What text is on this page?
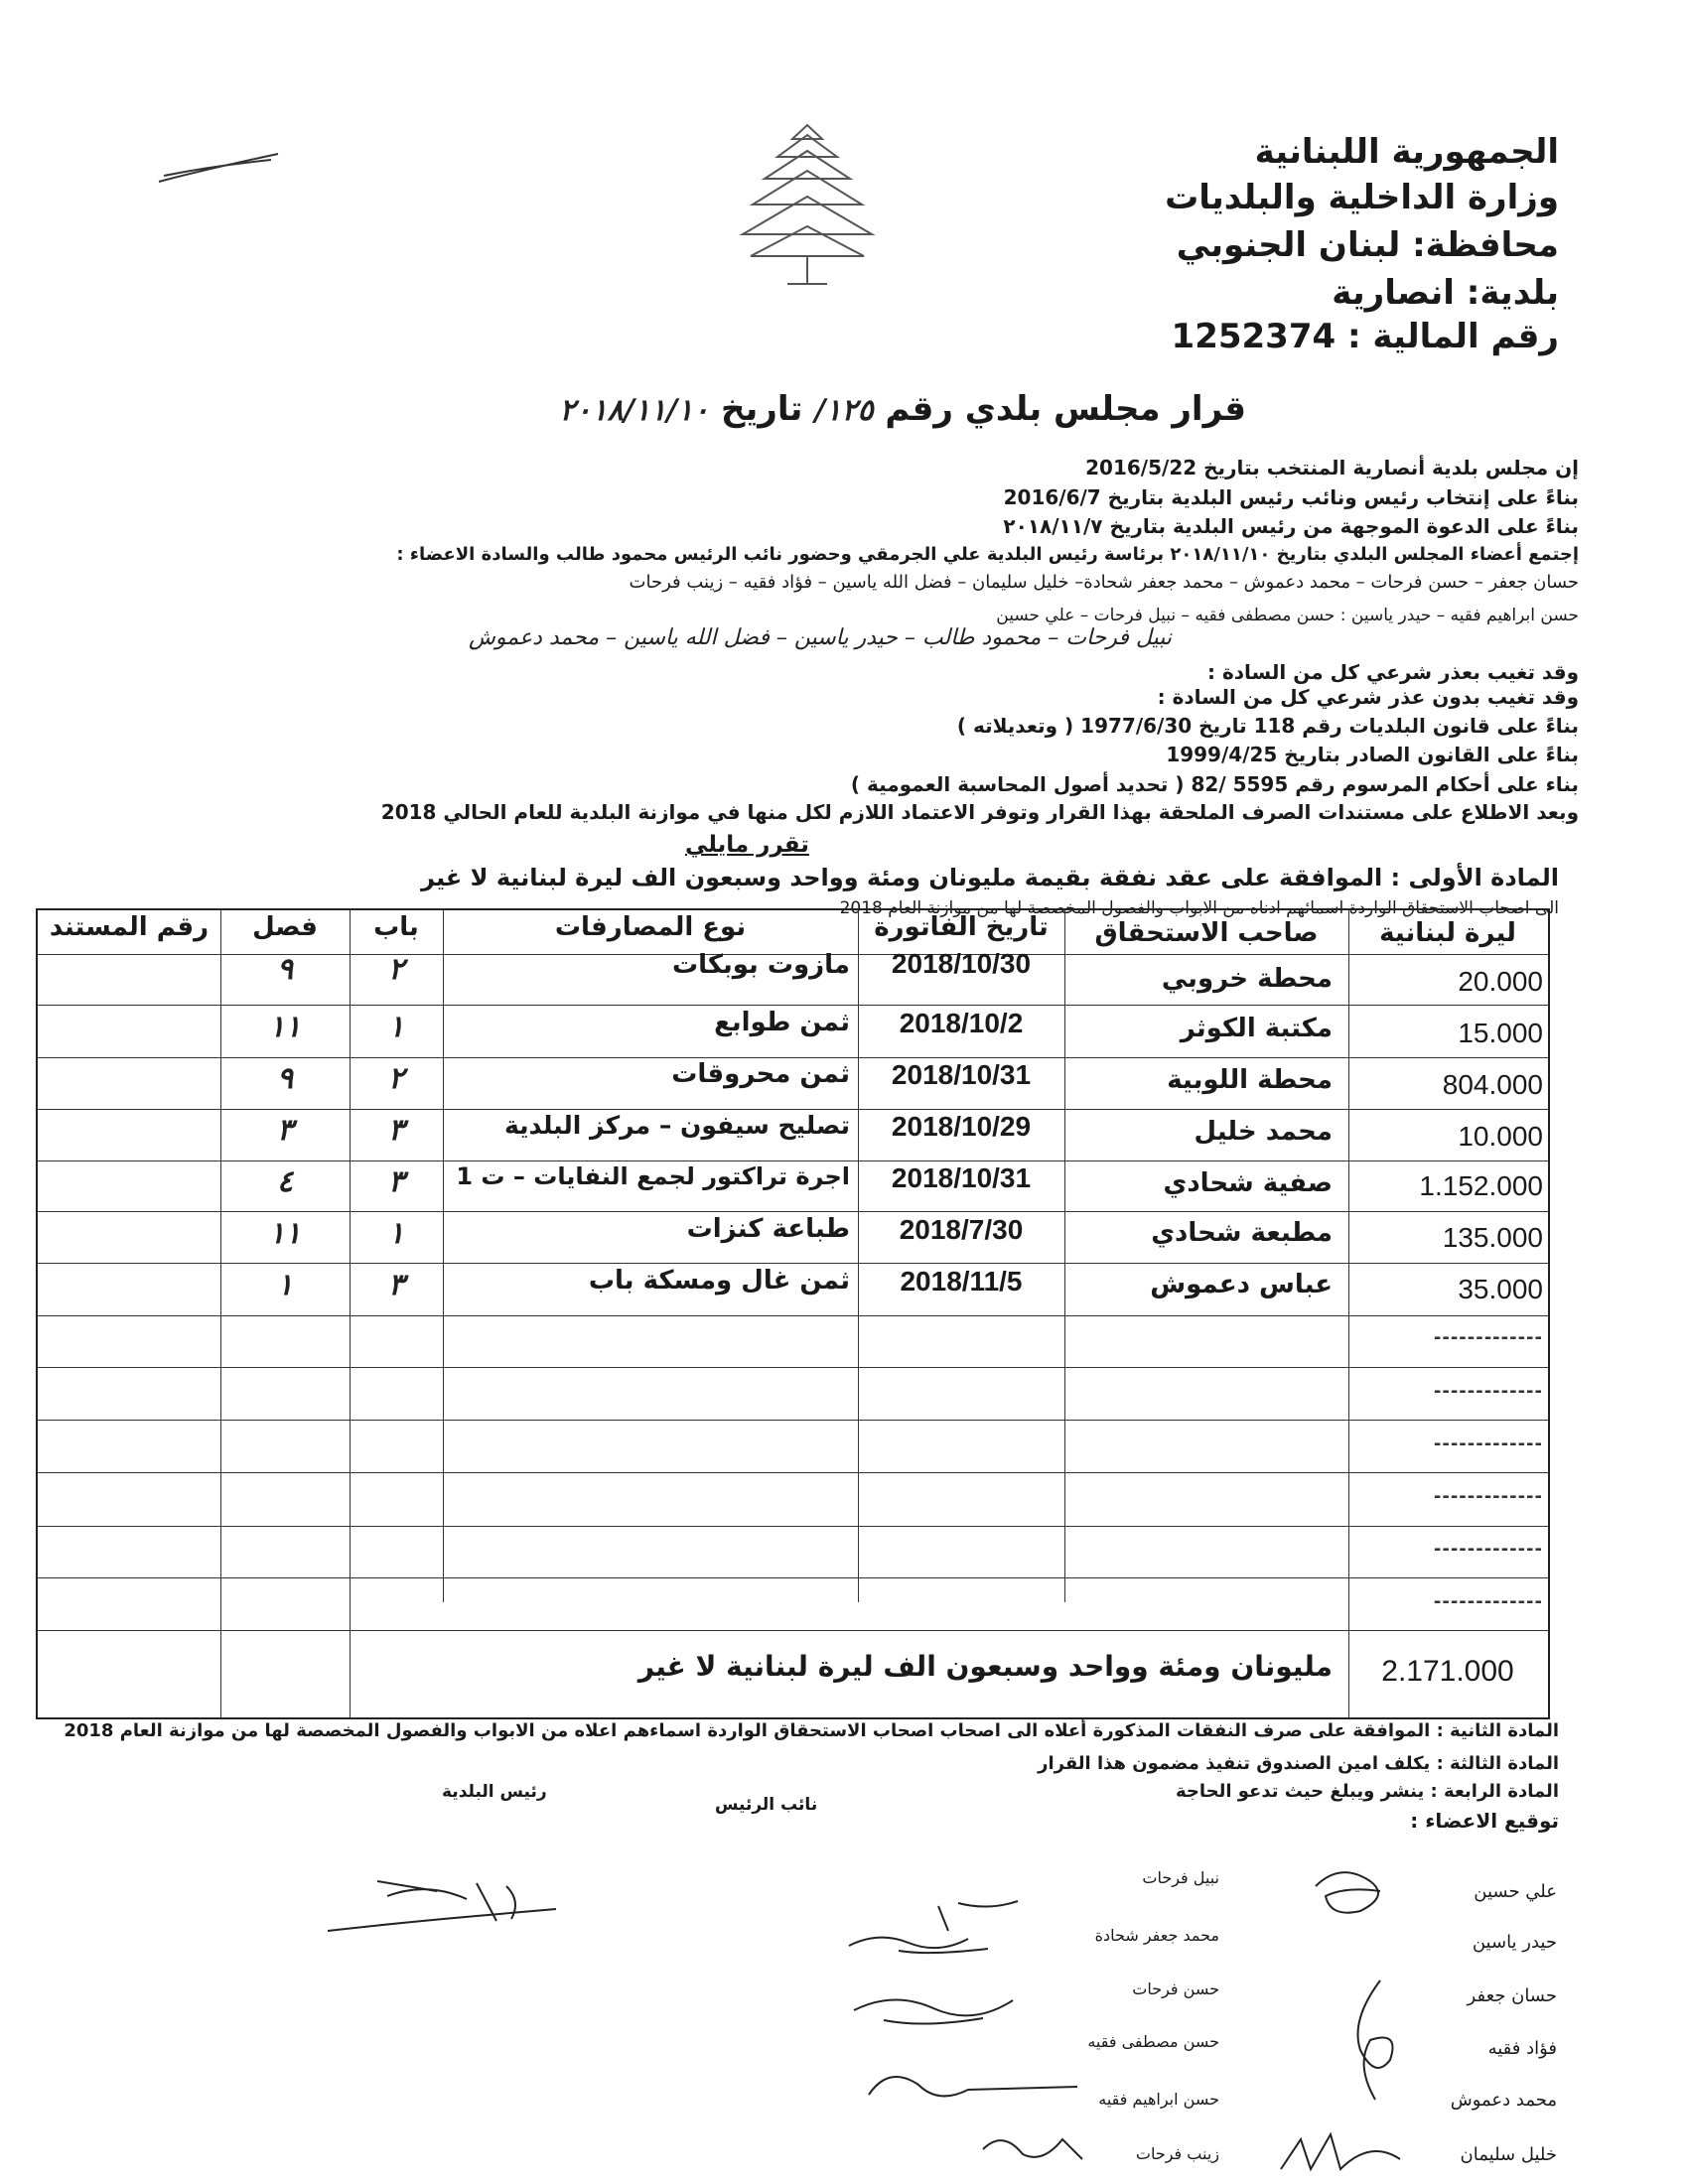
الجمهورية اللبنانية
وزارة الداخلية والبلديات
محافظة: لبنان الجنوبي
بلدية: انصارية
رقم المالية : 1252374
قرار مجلس بلدي رقم ١٢٥/ تاريخ ٢٠١٨/١١/١٠
إن مجلس بلدية أنصارية المنتخب بتاريخ 2016/5/22
بناءً على إنتخاب رئيس ونائب رئيس البلدية بتاريخ 2016/6/7
بناءً على الدعوة الموجهة من رئيس البلدية بتاريخ ٢٠١٨/١١/٧
إجتمع أعضاء المجلس البلدي بتاريخ ٢٠١٨/١١/١٠ برئاسة رئيس البلدية علي الجرمقي وحضور نائب الرئيس محمود طالب والسادة الاعضاء :
حسان جعفر – حسن فرحات – محمد دعموش – محمد جعفر شحادة– خليل سليمان – فضل الله ياسين – فؤاد فقيه – زينب فرحات
حسن ابراهيم فقيه – حيدر ياسين : حسن مصطفى فقيه – نبيل فرحات – علي حسين
نبيل فرحات – محمود طالب – حيدر ياسين – فضل الله ياسين – محمد دعموش
وقد تغيب بعذر شرعي كل من السادة :
وقد تغيب بدون عذر شرعي كل من السادة :
بناءً على قانون البلديات رقم 118 تاريخ 1977/6/30 ( وتعديلاته )
بناءً على القانون الصادر بتاريخ 1999/4/25
بناء على أحكام المرسوم رقم 5595 /82 ( تحديد أصول المحاسبة العمومية )
وبعد الاطلاع على مستندات الصرف الملحقة بهذا القرار وتوفر الاعتماد اللازم لكل منها في موازنة البلدية للعام الحالي 2018
تقرر مايلي
المادة الأولى : الموافقة على عقد نفقة بقيمة مليونان ومئة وواحد وسبعون الف ليرة لبنانية لا غير
الى اصحاب الاستحقاق الواردة اسمائهم ادناه من الابواب والفصول المخصصة لها من موازنة العام 2018
ليرة لبنانية
صاحب الاستحقاق
تاريخ الفاتورة
نوع المصارفات
باب
فصل
رقم المستند
20.000
محطة خروبي
2018/10/30
مازوت بوبكات
٢
٩
15.000
مكتبة الكوثر
2018/10/2
ثمن طوابع
١
١١
804.000
محطة اللوبية
2018/10/31
ثمن محروقات
٢
٩
10.000
محمد خليل
2018/10/29
تصليح سيفون – مركز البلدية
٣
٣
1.152.000
صفية شحادي
2018/10/31
اجرة تراكتور لجمع النفايات – ت 1
٣
٤
135.000
مطبعة شحادي
2018/7/30
طباعة كنزات
١
١١
35.000
عباس دعموش
2018/11/5
ثمن غال ومسكة باب
٣
١
-------------
-------------
-------------
-------------
-------------
-------------
2.171.000
مليونان ومئة وواحد وسبعون الف ليرة لبنانية لا غير
المادة الثانية : الموافقة على صرف النفقات المذكورة أعلاه الى اصحاب اصحاب الاستحقاق الواردة اسماءهم اعلاه من الابواب والفصول المخصصة لها من موازنة العام 2018
المادة الثالثة : يكلف امين الصندوق تنفيذ مضمون هذا القرار
المادة الرابعة : ينشر ويبلغ حيث تدعو الحاجة
توقيع الاعضاء :
نائب الرئيس
رئيس البلدية
علي حسين
حيدر ياسين
حسان جعفر
فؤاد فقيه
محمد دعموش
خليل سليمان
نبيل فرحات
محمد جعفر شحادة
حسن فرحات
حسن مصطفى فقيه
حسن ابراهيم فقيه
زينب فرحات
